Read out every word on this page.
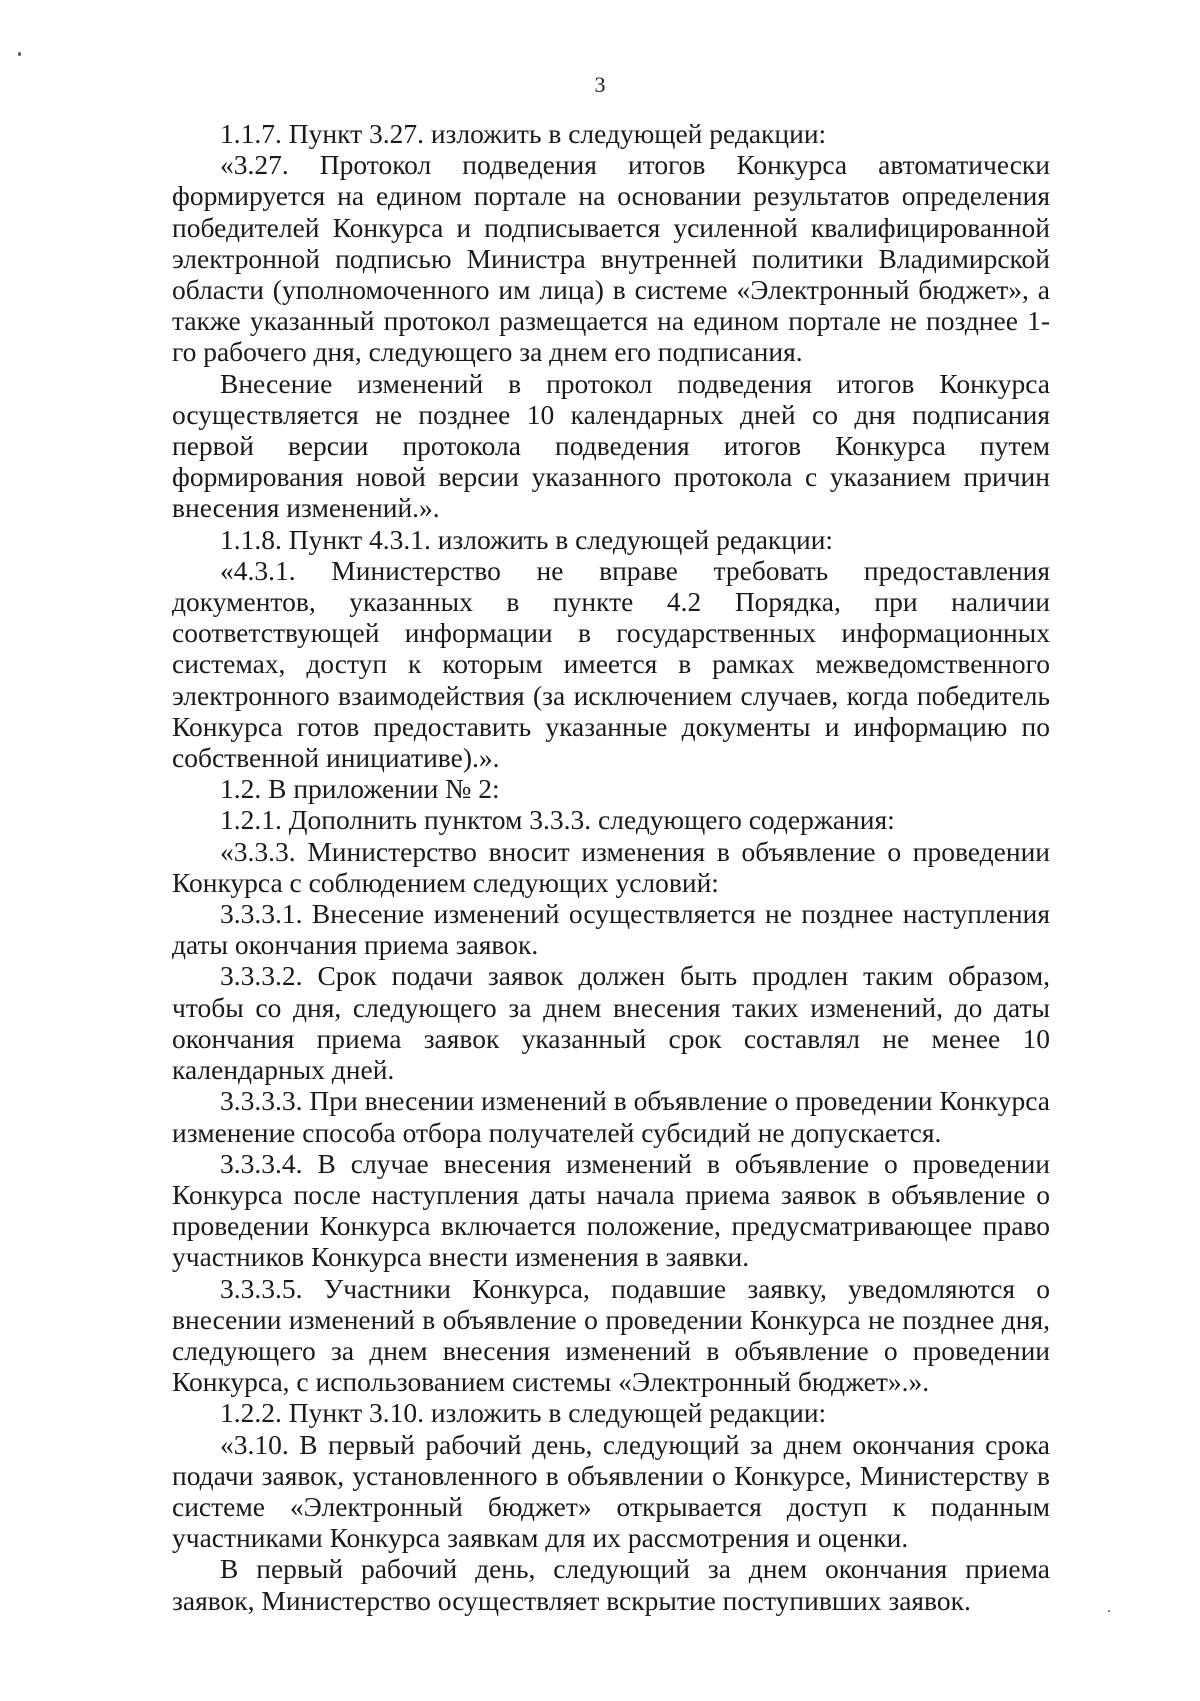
3

1.1.7. Пункт 3.27. изложить в следующей редакции:

«3.27. Протокол подведения итогов Конкурса автоматически формируется на едином портале на основании результатов определения победителей Конкурса и подписывается усиленной квалифицированной электронной подписью Министра внутренней политики Владимирской области (уполномоченного им лица) в системе «Электронный бюджет», а также указанный протокол размещается на едином портале не позднее 1-го рабочего дня, следующего за днем его подписания.

Внесение изменений в протокол подведения итогов Конкурса осуществляется не позднее 10 календарных дней со дня подписания первой версии протокола подведения итогов Конкурса путем формирования новой версии указанного протокола с указанием причин внесения изменений.».

1.1.8. Пункт 4.3.1. изложить в следующей редакции:

«4.3.1. Министерство не вправе требовать предоставления документов, указанных в пункте 4.2 Порядка, при наличии соответствующей информации в государственных информационных системах, доступ к которым имеется в рамках межведомственного электронного взаимодействия (за исключением случаев, когда победитель Конкурса готов предоставить указанные документы и информацию по собственной инициативе).».

1.2. В приложении № 2:

1.2.1. Дополнить пунктом 3.3.3. следующего содержания:

«3.3.3. Министерство вносит изменения в объявление о проведении Конкурса с соблюдением следующих условий:

3.3.3.1. Внесение изменений осуществляется не позднее наступления даты окончания приема заявок.

3.3.3.2. Срок подачи заявок должен быть продлен таким образом, чтобы со дня, следующего за днем внесения таких изменений, до даты окончания приема заявок указанный срок составлял не менее 10 календарных дней.

3.3.3.3. При внесении изменений в объявление о проведении Конкурса изменение способа отбора получателей субсидий не допускается.

3.3.3.4. В случае внесения изменений в объявление о проведении Конкурса после наступления даты начала приема заявок в объявление о проведении Конкурса включается положение, предусматривающее право участников Конкурса внести изменения в заявки.

3.3.3.5. Участники Конкурса, подавшие заявку, уведомляются о внесении изменений в объявление о проведении Конкурса не позднее дня, следующего за днем внесения изменений в объявление о проведении Конкурса, с использованием системы «Электронный бюджет».».

1.2.2. Пункт 3.10. изложить в следующей редакции:

«3.10. В первый рабочий день, следующий за днем окончания срока подачи заявок, установленного в объявлении о Конкурсе, Министерству в системе «Электронный бюджет» открывается доступ к поданным участниками Конкурса заявкам для их рассмотрения и оценки.

В первый рабочий день, следующий за днем окончания приема заявок, Министерство осуществляет вскрытие поступивших заявок.
